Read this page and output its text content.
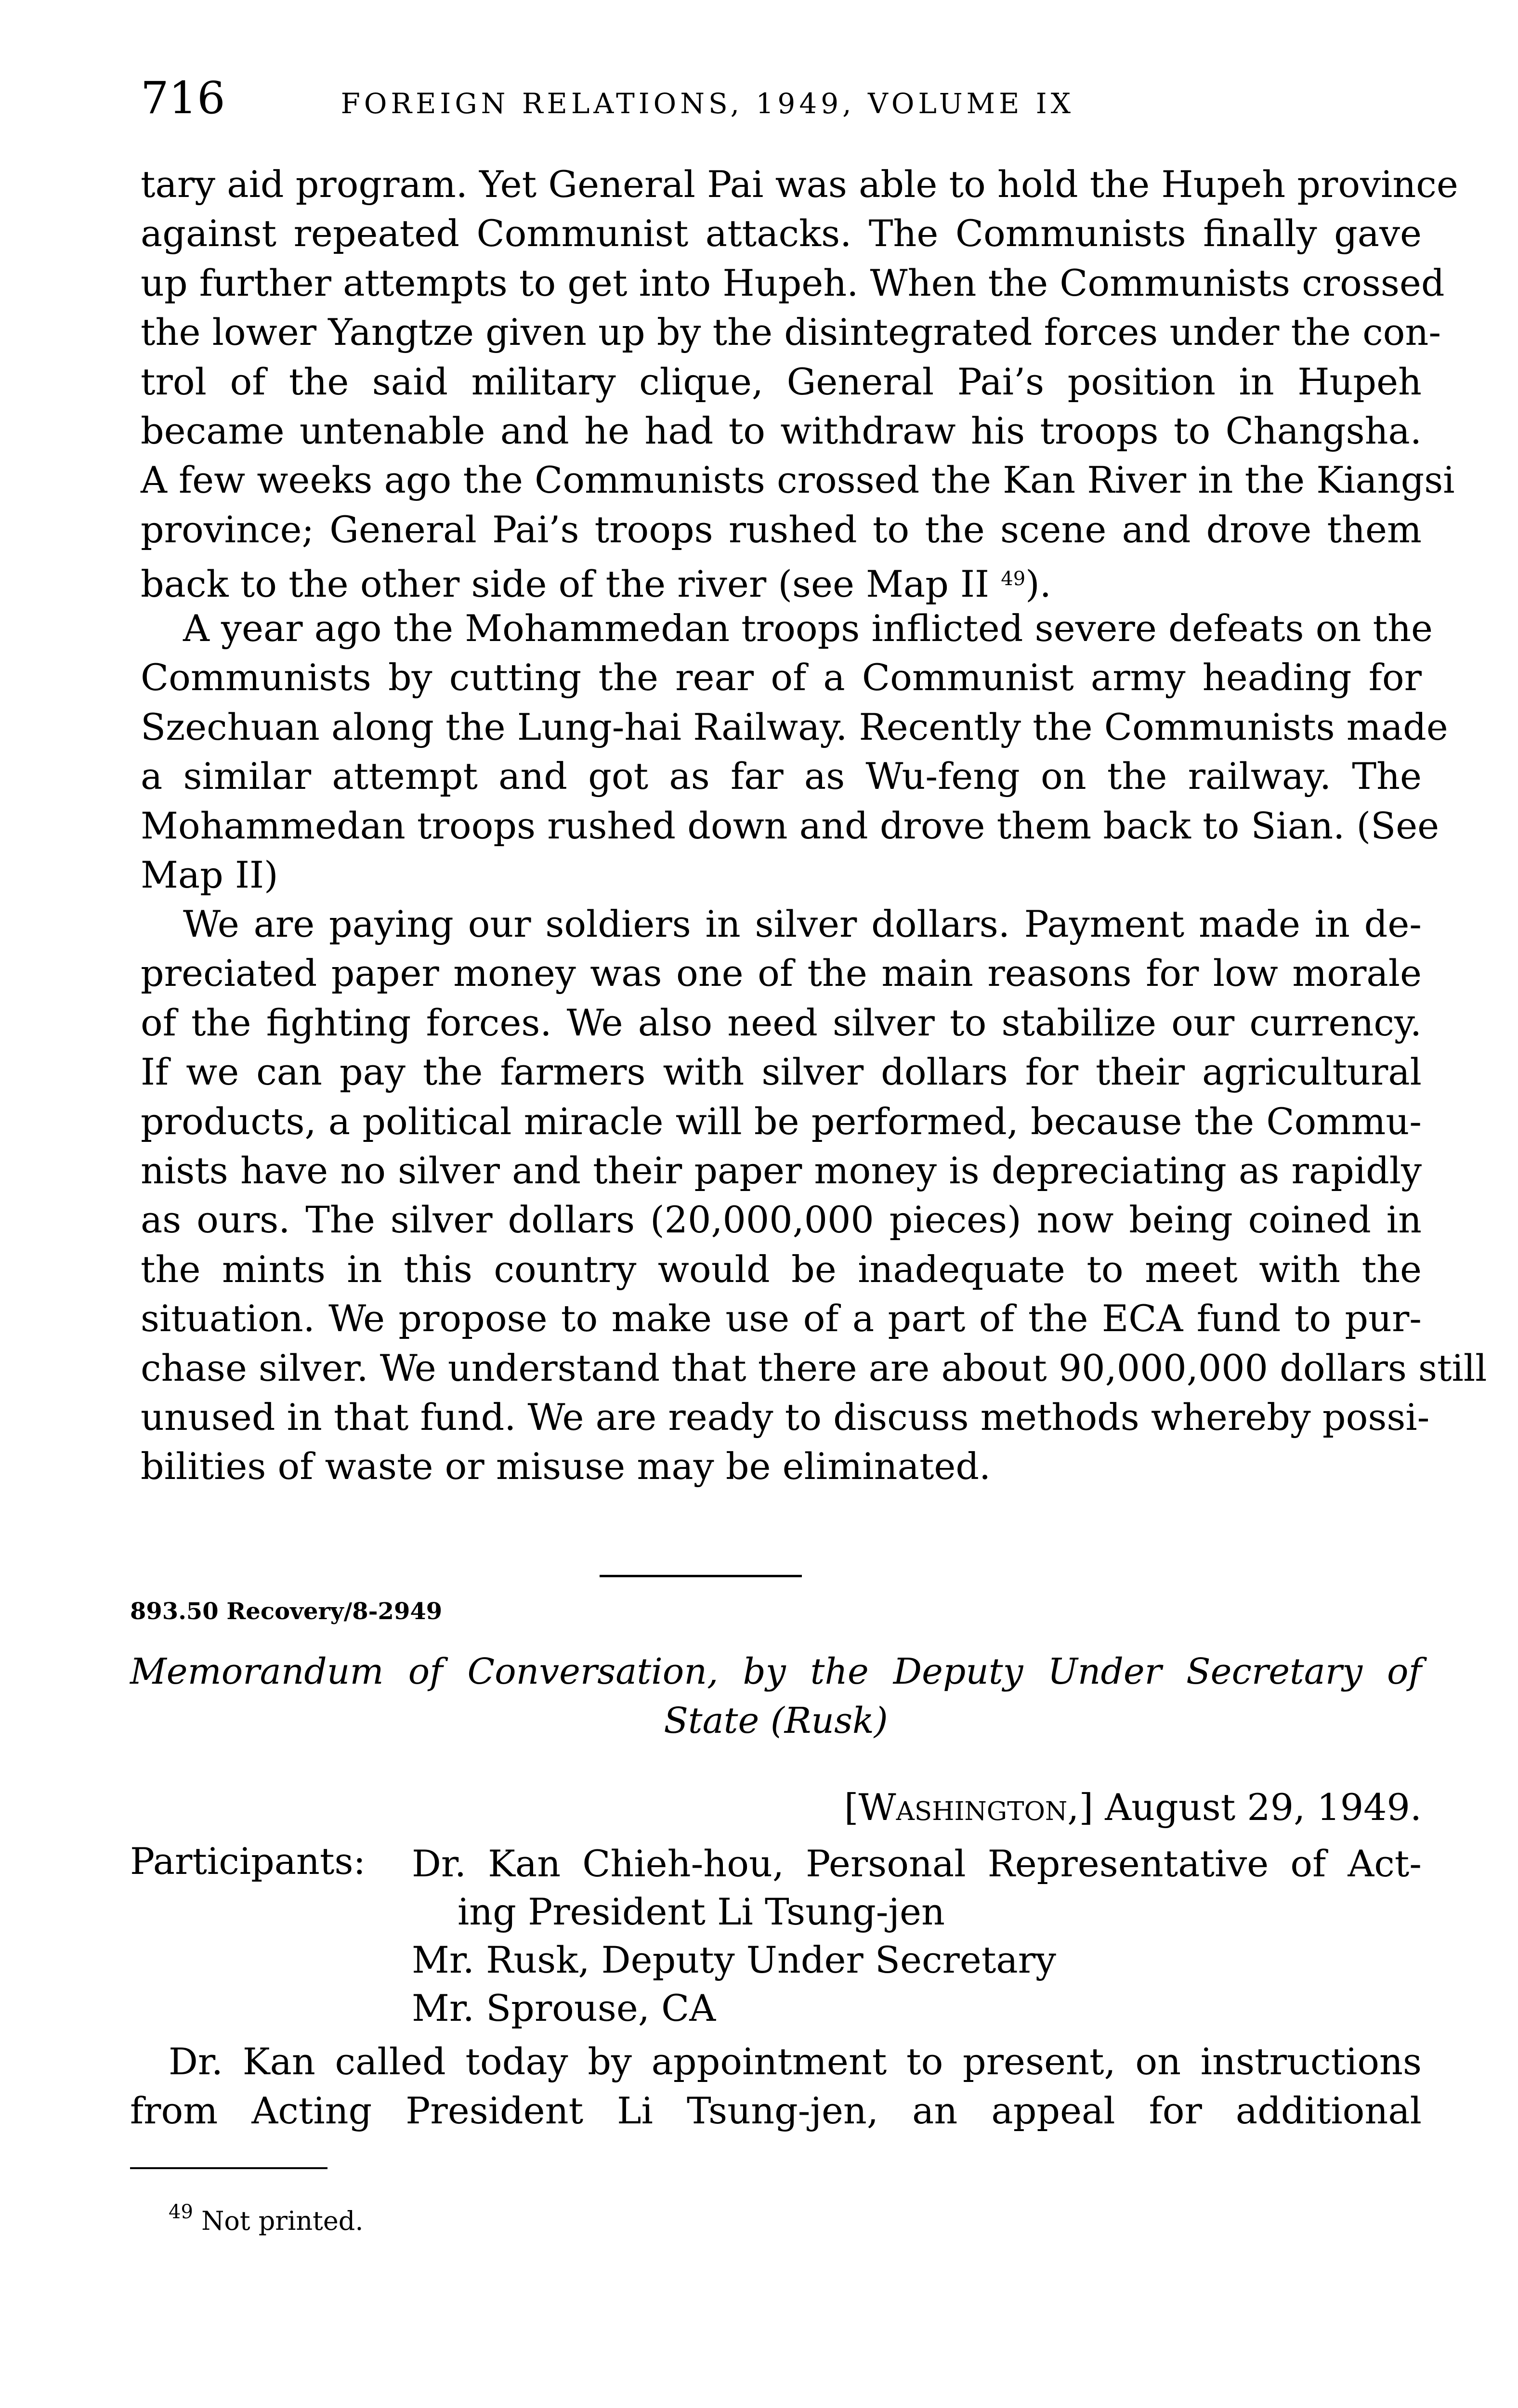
716	FOREIGN RELATIONS, 1949, VOLUME IX
tary aid program. Yet General Pai was able to hold the Hupeh province
against repeated Communist attacks. The Communists finally gave
up further attempts to get into Hupeh. When the Communists crossed
the lower Yangtze given up by the disintegrated forces under the con-
trol of the said military clique, General Pai’s position in Hupeh
became untenable and he had to withdraw his troops to Changsha.
A few weeks ago the Communists crossed the Kan River in the Kiangsi
province; General Pai’s troops rushed to the scene and drove them
back to the other side of the river (see Map II $^{49}$).
A year ago the Mohammedan troops inflicted severe defeats on the
Communists by cutting the rear of a Communist army heading for
Szechuan along the Lung-hai Railway. Recently the Communists made
a similar attempt and got as far as Wu-feng on the railway. The
Mohammedan troops rushed down and drove them back to Sian. (See
Map II)
We are paying our soldiers in silver dollars. Payment made in de-
preciated paper money was one of the main reasons for low morale
of the fighting forces. We also need silver to stabilize our currency.
If we can pay the farmers with silver dollars for their agricultural
products, a political miracle will be performed, because the Commu-
nists have no silver and their paper money is depreciating as rapidly
as ours. The silver dollars (20,000,000 pieces) now being coined in
the mints in this country would be inadequate to meet with the
situation. We propose to make use of a part of the ECA fund to pur-
chase silver. We understand that there are about 90,000,000 dollars still
unused in that fund. We are ready to discuss methods whereby possi-
bilities of waste or misuse may be eliminated.
893.50 Recovery/8-2949
Memorandum of Conversation, by the Deputy Under Secretary of
State (Rusk)
[Washington,] August 29, 1949.
Participants: Dr. Kan Chieh-hou, Personal Representative of Act-
ing President Li Tsung-jen
Mr. Rusk, Deputy Under Secretary
Mr. Sprouse, CA
Dr. Kan called today by appointment to present, on instructions
from Acting President Li Tsung-jen, an appeal for additional
$^{49}$ Not printed.
